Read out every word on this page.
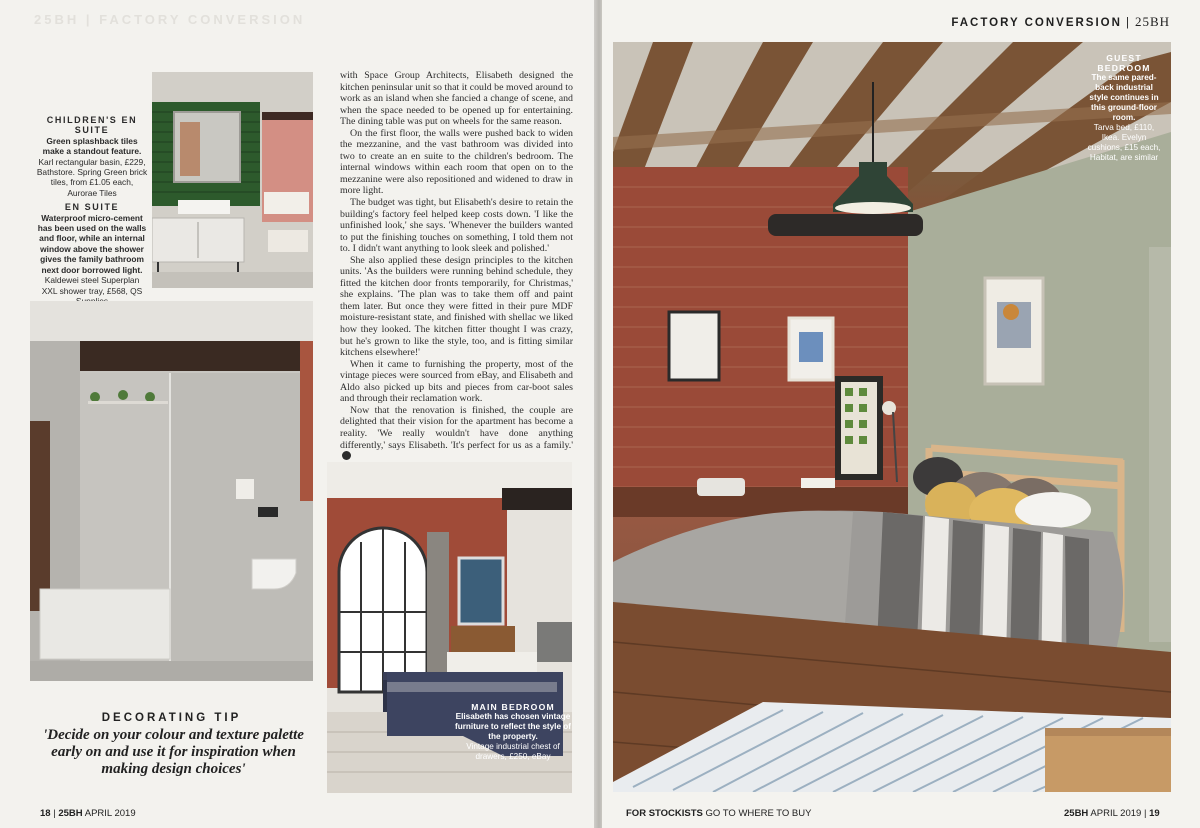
25BH | FACTORY CONVERSION
CHILDREN'S EN SUITE
Green splashback tiles make a standout feature.
Karl rectangular basin, £229, Bathstore. Spring Green brick tiles, from £1.05 each, Aurorae Tiles
EN SUITE
Waterproof micro-cement has been used on the walls and floor, while an internal window above the shower gives the family bathroom next door borrowed light.
Kaldewei steel Superplan XXL shower tray, £568, QS

with Space Group Architects, Elisabeth designed the kitchen peninsular unit so that it could be moved around to work as an island when she fancied a change of scene, and when the space needed to be opened up for entertaining. The dining table was put on wheels for the same reason.

On the first floor, the walls were pushed back to widen the mezzanine, and the vast bathroom was divided into two to create an en suite to the children's bedroom. The internal windows within each room that open on to the mezzanine were also repositioned and widened to draw in more light.

The budget was tight, but Elisabeth's desire to retain the building's factory feel helped keep costs down. 'I like the unfinished look,' she says. 'Whenever the builders wanted to put the finishing touches on something, I told them not to. I didn't want anything to look sleek and polished.'

She also applied these design principles to the kitchen units. 'As the builders were running behind schedule, they fitted the kitchen door fronts temporarily, for Christmas,' she explains. 'The plan was to take them off and paint them later. But once they were fitted in their pure MDF moisture-resistant state, and finished with shellac we liked how they looked. The kitchen fitter thought I was crazy, but he's grown to like the style, too, and is fitting similar kitchens elsewhere!'

When it came to furnishing the property, most of the vintage pieces were sourced from eBay, and Elisabeth and Aldo also picked up bits and pieces from car-boot sales and through their reclamation work.

Now that the renovation is finished, the couple are delighted that their vision for the apartment has become a reality. 'We really wouldn't have done anything differently,' says Elisabeth. 'It's perfect for us as a family.'

MAIN BEDROOM
Elisabeth has chosen vintage furniture to reflect the style of the property.
Vintage industrial chest of drawers, £250, eBay
DECORATING TIP
'Decide on your colour and texture palette early on and use it for inspiration when making design choices'
18 | 25BH APRIL 2019
FACTORY CONVERSION | 25BH
GUEST BEDROOM
The same pared-back industrial style continues in this ground-floor room.
Tarva bed, £110, Ikea. Evelyn cushions, £15 each, Habitat, are similar
FOR STOCKISTS GO TO WHERE TO BUY	25BH APRIL 2019 | 19
